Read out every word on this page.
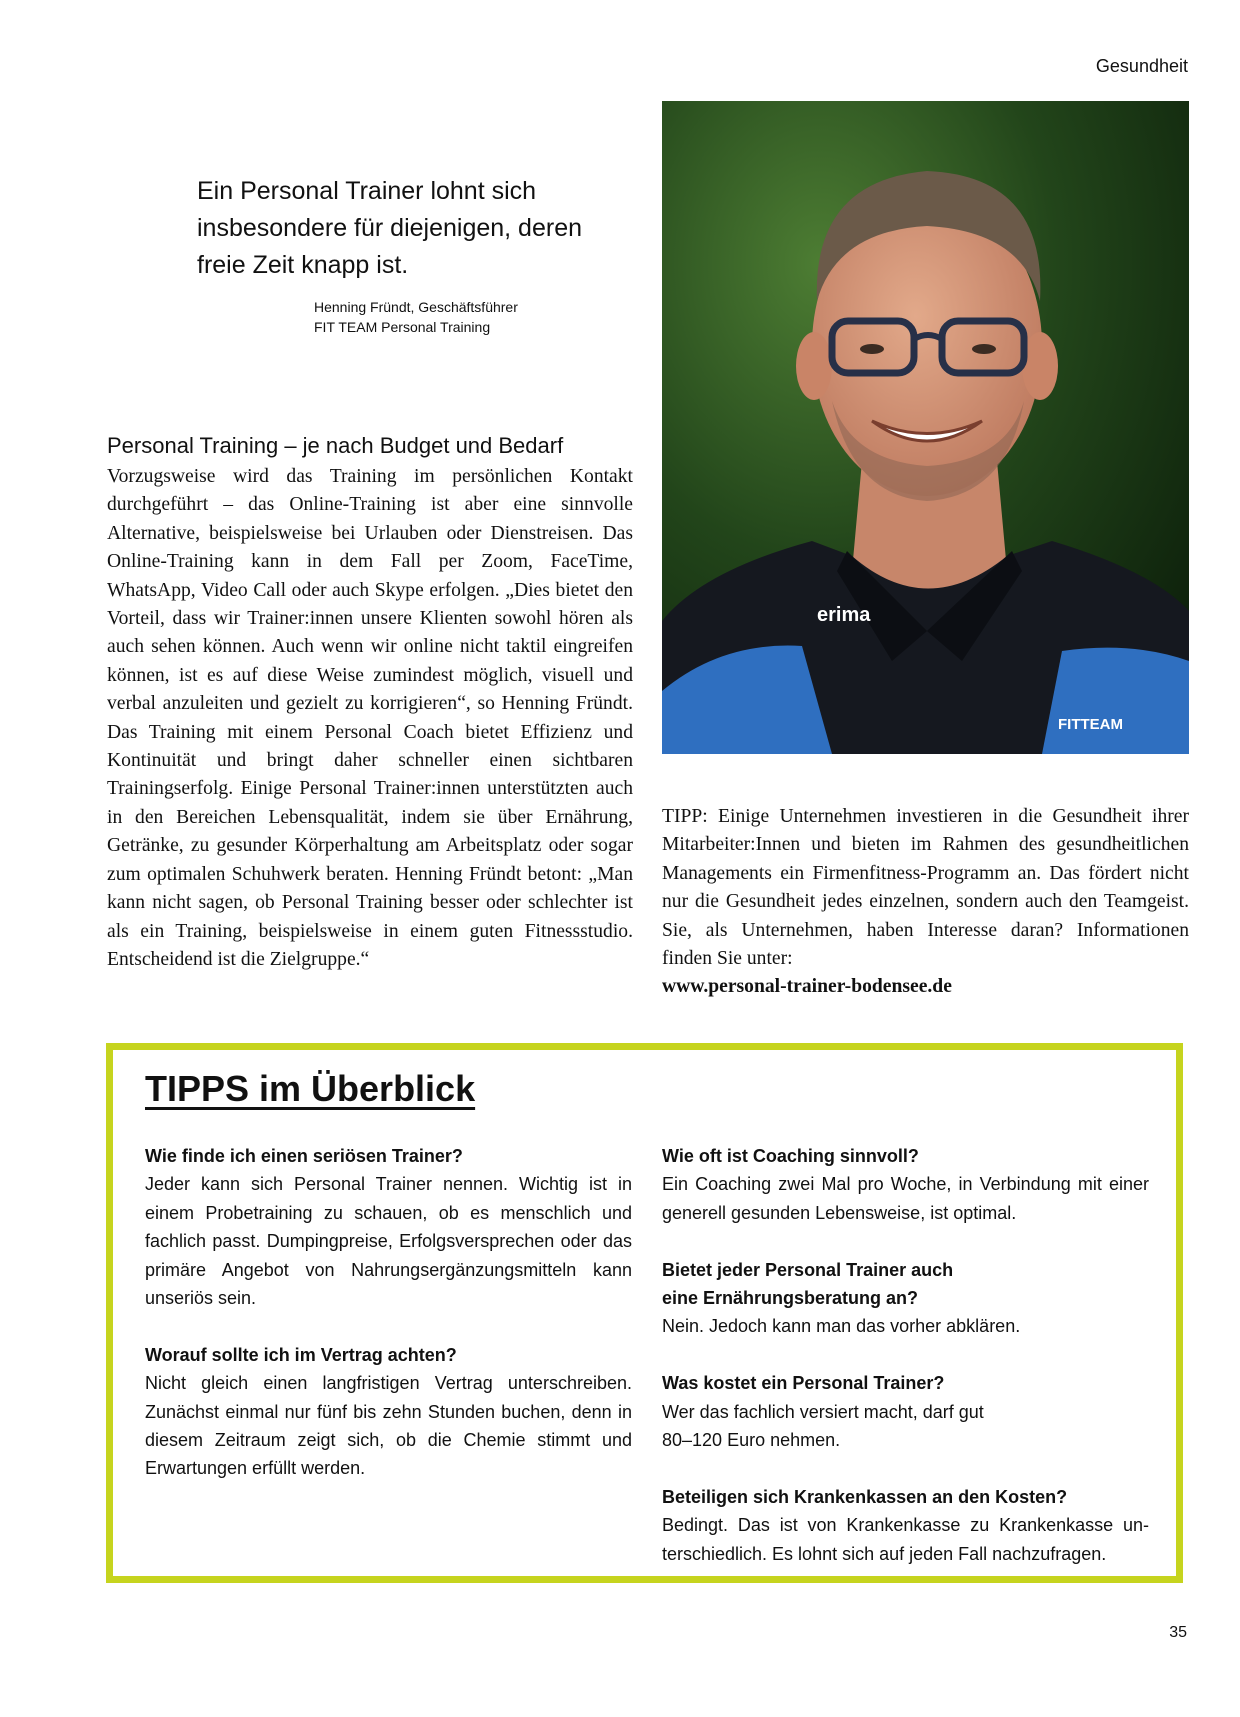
Gesundheit
erima
FITTEAM
Ein Personal Trainer lohnt sich insbesondere für diejenigen, deren freie Zeit knapp ist.
Henning Fründt, Geschäftsführer
FIT TEAM Personal Training
Personal Training – je nach Budget und Bedarf

Vorzugsweise wird das Training im persönlichen Kontakt durchgeführt – das Online-Training ist aber eine sinnvolle Alternative, beispielsweise bei Urlauben oder Dienstreisen. Das Online-Training kann in dem Fall per Zoom, FaceTime, WhatsApp, Video Call oder auch Skype erfolgen. „Dies bietet den Vorteil, dass wir Trainer:innen unsere Klienten sowohl hören als auch sehen können. Auch wenn wir online nicht taktil eingreifen können, ist es auf diese Weise zumindest möglich, visuell und verbal anzuleiten und gezielt zu korrigieren“, so Henning Fründt. Das Training mit einem Personal Coach bietet Effizienz und Kontinuität und bringt daher schneller einen sichtbaren Trainingserfolg. Einige Personal Trainer:innen unterstützten auch in den Bereichen Lebensqualität, indem sie über Ernährung, Getränke, zu gesunder Körperhaltung am Arbeitsplatz oder sogar zum optimalen Schuhwerk beraten. Henning Fründt betont: „Man kann nicht sagen, ob Personal Training besser oder schlechter ist als ein Training, beispielsweise in einem guten Fitnessstudio. Entscheidend ist die Zielgruppe.“

TIPP: Einige Unternehmen investieren in die Gesundheit ihrer Mitarbeiter:Innen und bieten im Rahmen des gesundheitlichen Managements ein Firmenfitness-Programm an. Das fördert nicht nur die Gesundheit jedes einzelnen, sondern auch den Teamgeist. Sie, als Unternehmen, haben Interesse daran? Informationen finden Sie unter:
www.personal-trainer-bodensee.de

TIPPS im Überblick
Wie finde ich einen seriösen Trainer?
Jeder kann sich Personal Trainer nennen. Wichtig ist in einem Probetraining zu schauen, ob es menschlich und fachlich passt. Dumpingpreise, Erfolgsversprechen oder das primäre Angebot von Nahrungsergänzungsmitteln kann unseriös sein.
Worauf sollte ich im Vertrag achten?
Nicht gleich einen langfristigen Vertrag unterschreiben. Zunächst einmal nur fünf bis zehn Stunden buchen, denn in diesem Zeitraum zeigt sich, ob die Chemie stimmt und Erwartungen erfüllt werden.
Wie oft ist Coaching sinnvoll?
Ein Coaching zwei Mal pro Woche, in Verbindung mit einer generell gesunden Lebensweise, ist optimal.
Bietet jeder Personal Trainer auch eine Ernährungsberatung an?
Nein. Jedoch kann man das vorher abklären.
Was kostet ein Personal Trainer?
Wer das fachlich versiert macht, darf gut 80–120 Euro nehmen.
Beteiligen sich Krankenkassen an den Kosten?
Bedingt. Das ist von Krankenkasse zu Krankenkasse unterschiedlich. Es lohnt sich auf jeden Fall nachzufragen.
35
